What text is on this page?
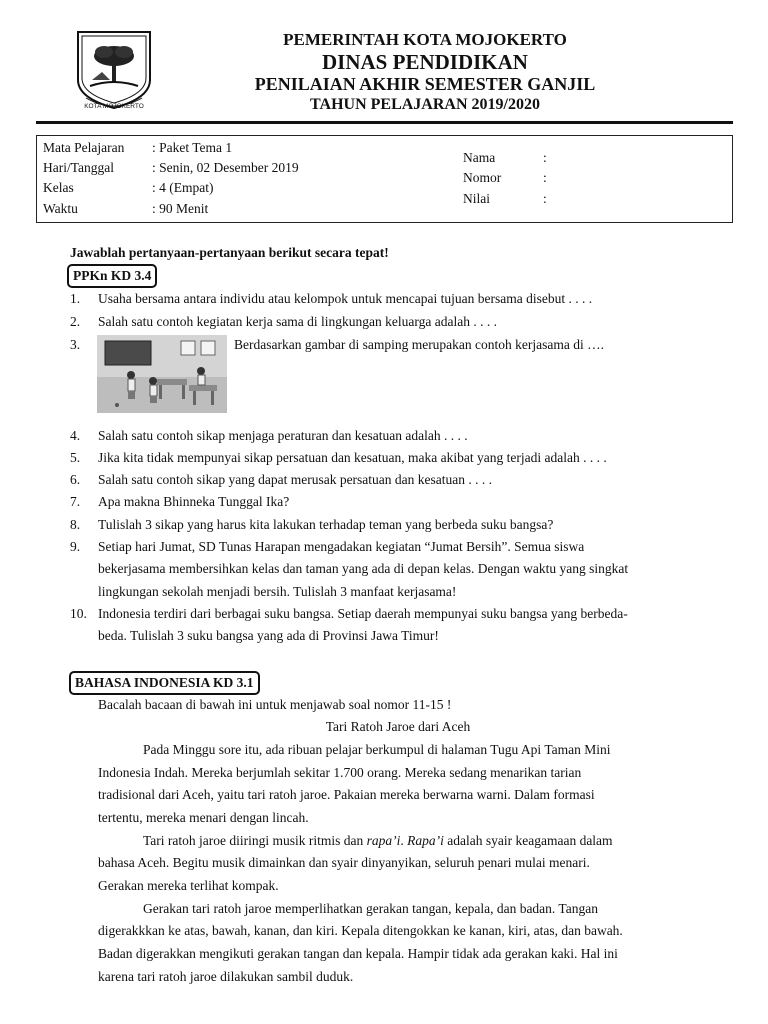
KOTA MOJOKERTO
PEMERINTAH KOTA MOJOKERTO
DINAS PENDIDIKAN
PENILAIAN AKHIR SEMESTER GANJIL
TAHUN PELAJARAN 2019/2020
Mata Pelajaran : Paket Tema 1
Hari/Tanggal	: Senin, 02 Desember 2019
Kelas	: 4 (Empat)
Waktu	: 90 Menit
Nama	:
Nomor	:
Nilai	:
Jawablah pertanyaan-pertanyaan berikut secara tepat!
PPKn KD 3.4
1. Usaha bersama antara individu atau kelompok untuk mencapai tujuan bersama disebut . . . .
2. Salah satu contoh kegiatan kerja sama di lingkungan keluarga adalah . . . .
3.	Berdasarkan gambar di samping merupakan contoh kerjasama di ….
4. Salah satu contoh sikap menjaga peraturan dan kesatuan adalah . . . .
5. Jika kita tidak mempunyai sikap persatuan dan kesatuan, maka akibat yang terjadi adalah . . . .
6. Salah satu contoh sikap yang dapat merusak persatuan dan kesatuan . . . .
7. Apa makna Bhinneka Tunggal Ika?
8. Tulislah 3 sikap yang harus kita lakukan terhadap teman yang berbeda suku bangsa?
9. Setiap hari Jumat, SD Tunas Harapan mengadakan kegiatan “Jumat Bersih”. Semua siswa
bekerjasama membersihkan kelas dan taman yang ada di depan kelas. Dengan waktu yang singkat
lingkungan sekolah menjadi bersih. Tulislah 3 manfaat kerjasama!
10. Indonesia terdiri dari berbagai suku bangsa. Setiap daerah mempunyai suku bangsa yang berbeda-
beda. Tulislah 3 suku bangsa yang ada di Provinsi Jawa Timur!
BAHASA INDONESIA KD 3.1
Bacalah bacaan di bawah ini untuk menjawab soal nomor 11-15 !
Tari Ratoh Jaroe dari Aceh
Pada Minggu sore itu, ada ribuan pelajar berkumpul di halaman Tugu Api Taman Mini
Indonesia Indah. Mereka berjumlah sekitar 1.700 orang. Mereka sedang menarikan tarian
tradisional dari Aceh, yaitu tari ratoh jaroe. Pakaian mereka berwarna warni. Dalam formasi
tertentu, mereka menari dengan lincah.
Tari ratoh jaroe diiringi musik ritmis dan rapa’i. Rapa’i adalah syair keagamaan dalam
bahasa Aceh. Begitu musik dimainkan dan syair dinyanyikan, seluruh penari mulai menari.
Gerakan mereka terlihat kompak.
Gerakan tari ratoh jaroe memperlihatkan gerakan tangan, kepala, dan badan. Tangan
digerakkkan ke atas, bawah, kanan, dan kiri. Kepala ditengokkan ke kanan, kiri, atas, dan bawah.
Badan digerakkan mengikuti gerakan tangan dan kepala. Hampir tidak ada gerakan kaki. Hal ini
karena tari ratoh jaroe dilakukan sambil duduk.
